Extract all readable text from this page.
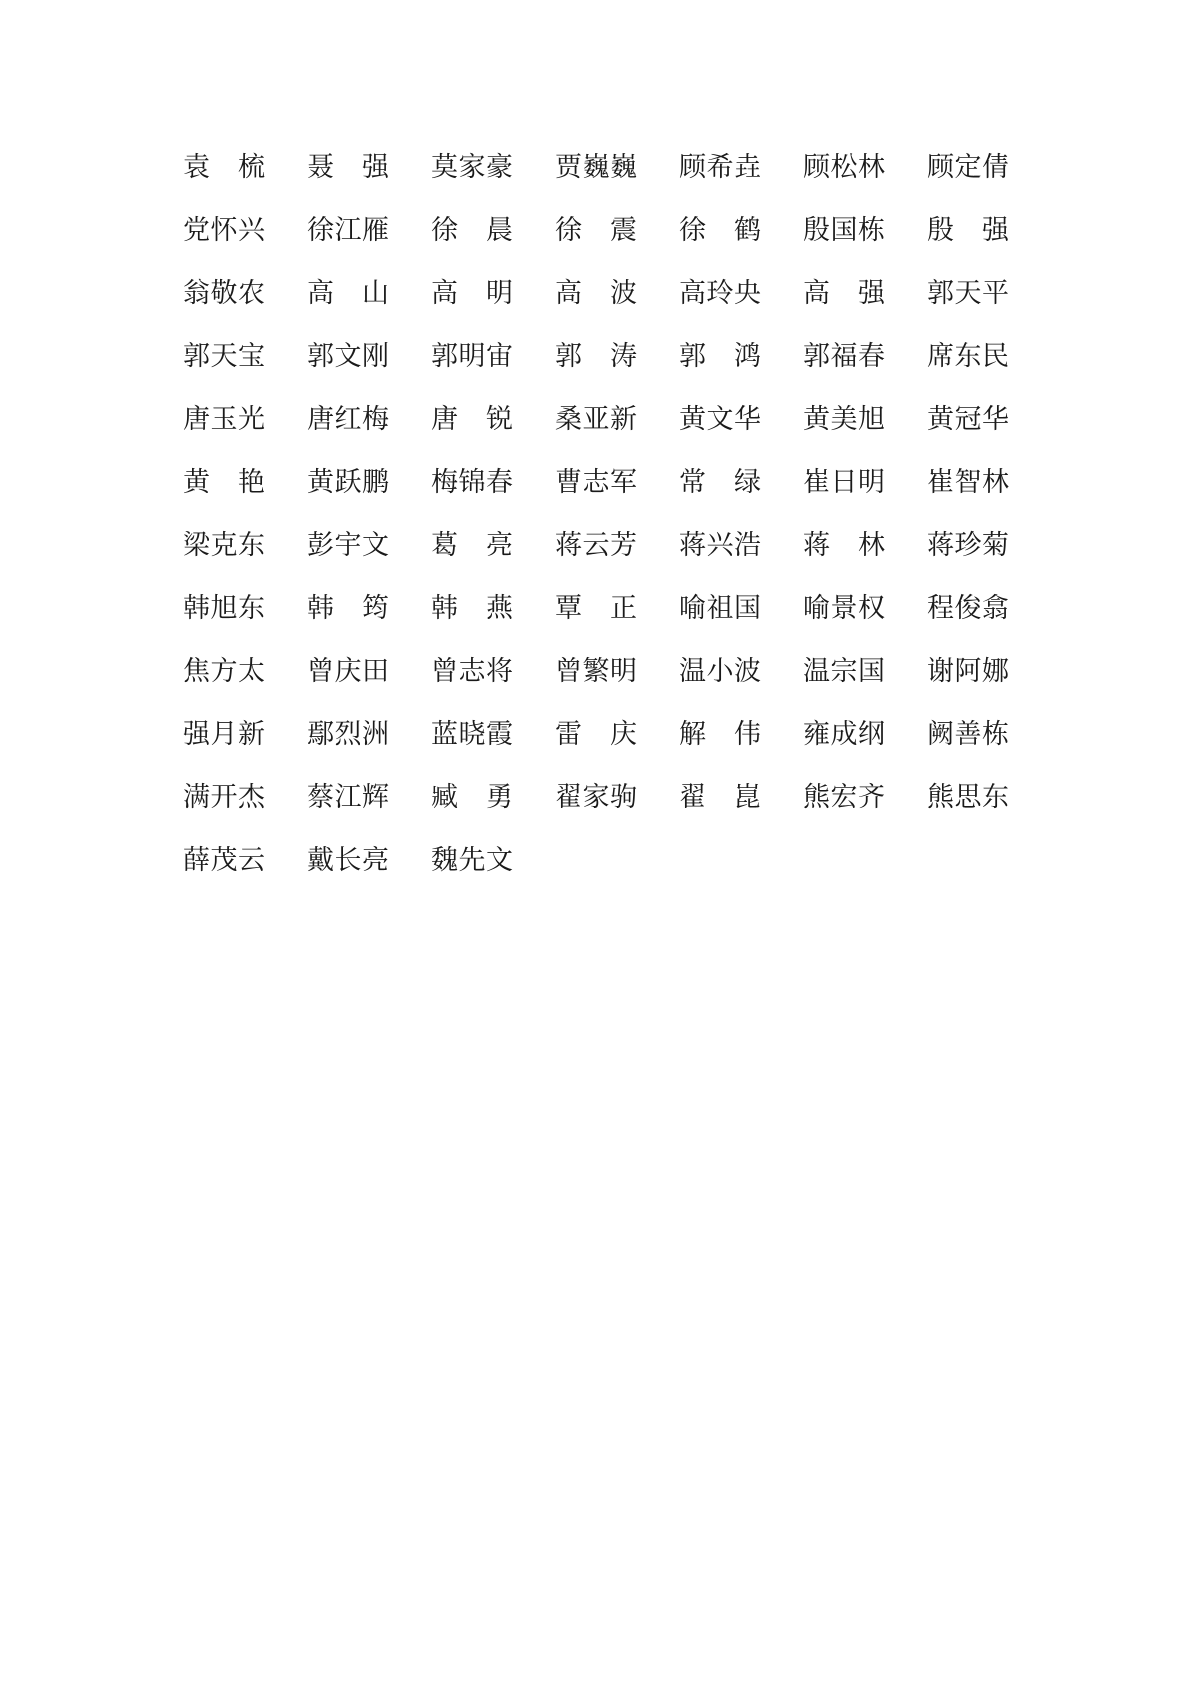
袁 梳 聂 强 莫 家 豪 贾 巍 巍 顾 希 垚 顾 松 林 顾 定 倩
党 怀 兴 徐 江 雁 徐 晨 徐 震 徐 鹤 殷 国 栋 殷 强
翁 敬 农 高 山 高 明 高 波 高 玲 央 高 强 郭 天 平
郭 天 宝 郭 文 刚 郭 明 宙 郭 涛 郭 鸿 郭 福 春 席 东 民
唐 玉 光 唐 红 梅 唐 锐 桑 亚 新 黄 文 华 黄 美 旭 黄 冠 华
黄 艳 黄 跃 鹏 梅 锦 春 曹 志 军 常 绿 崔 日 明 崔 智 林
梁 克 东 彭 宇 文 葛 亮 蒋 云 芳 蒋 兴 浩 蒋 林 蒋 珍 菊
韩 旭 东 韩 筠 韩 燕 覃 正 喻 祖 国 喻 景 权 程 俊 翕
焦 方 太 曾 庆 田 曾 志 将 曾 繁 明 温 小 波 温 宗 国 谢 阿 娜
强 月 新 鄢 烈 洲 蓝 晓 霞 雷 庆 解 伟 雍 成 纲 阙 善 栋
满 开 杰 蔡 江 辉 臧 勇 翟 家 驹 翟 崑 熊 宏 齐 熊 思 东
薛 茂 云 戴 长 亮 魏 先 文
